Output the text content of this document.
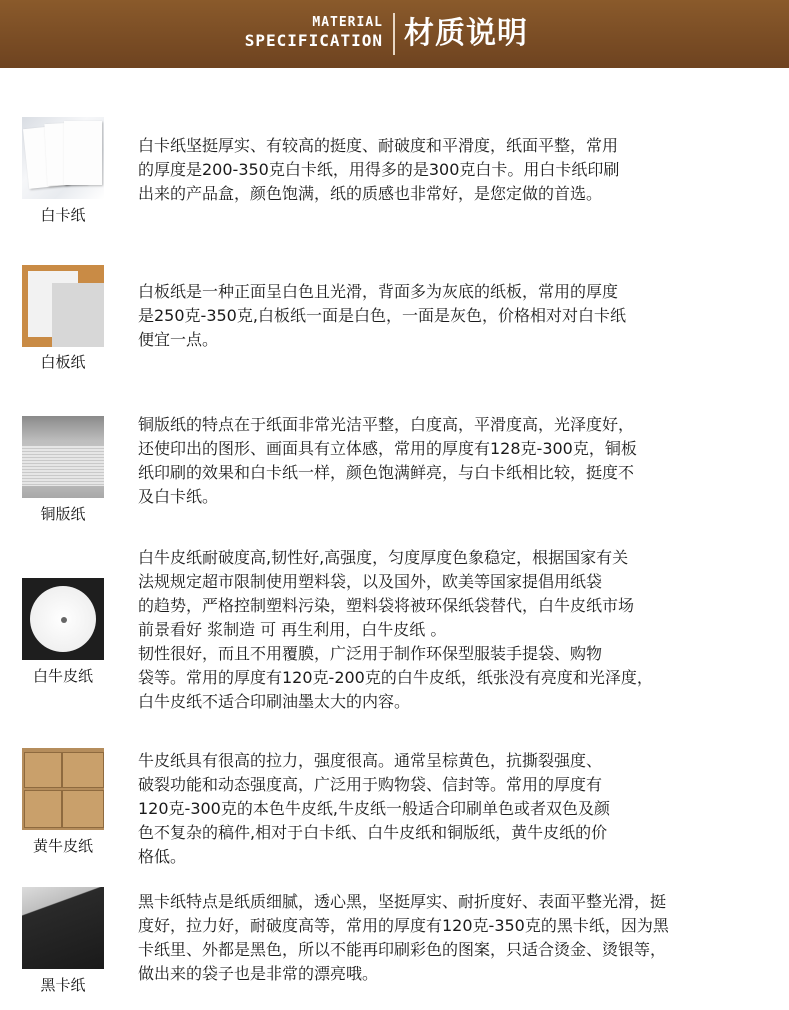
MATERIAL
SPECIFICATION 材质说明
白卡纸
白卡纸坚挺厚实、有较高的挺度、耐破度和平滑度，纸面平整，常用
的厚度是200-350克白卡纸，用得多的是300克白卡。用白卡纸印刷
出来的产品盒，颜色饱满，纸的质感也非常好，是您定做的首选。
白板纸
白板纸是一种正面呈白色且光滑，背面多为灰底的纸板，常用的厚度
是250克-350克,白板纸一面是白色，一面是灰色，价格相对对白卡纸
便宜一点。
铜版纸
铜版纸的特点在于纸面非常光洁平整，白度高，平滑度高，光泽度好，
还使印出的图形、画面具有立体感，常用的厚度有128克-300克，铜板
纸印刷的效果和白卡纸一样，颜色饱满鲜亮，与白卡纸相比较，挺度不
及白卡纸。
白牛皮纸
白牛皮纸耐破度高,韧性好,高强度，匀度厚度色象稳定，根据国家有关
法规规定超市限制使用塑料袋，以及国外，欧美等国家提倡用纸袋
的趋势，严格控制塑料污染，塑料袋将被环保纸袋替代，白牛皮纸市场
前景看好 浆制造 可 再生利用，白牛皮纸 。
韧性很好，而且不用覆膜，广泛用于制作环保型服装手提袋、购物
袋等。常用的厚度有120克-200克的白牛皮纸，纸张没有亮度和光泽度，
白牛皮纸不适合印刷油墨太大的内容。
黄牛皮纸
牛皮纸具有很高的拉力，强度很高。通常呈棕黄色，抗撕裂强度、
破裂功能和动态强度高，广泛用于购物袋、信封等。常用的厚度有
120克-300克的本色牛皮纸,牛皮纸一般适合印刷单色或者双色及颜
色不复杂的稿件,相对于白卡纸、白牛皮纸和铜版纸，黄牛皮纸的价
格低。
黑卡纸
黑卡纸特点是纸质细腻，透心黑，坚挺厚实、耐折度好、表面平整光滑，挺
度好，拉力好，耐破度高等，常用的厚度有120克-350克的黑卡纸，因为黑
卡纸里、外都是黑色，所以不能再印刷彩色的图案，只适合烫金、烫银等，
做出来的袋子也是非常的漂亮哦。
